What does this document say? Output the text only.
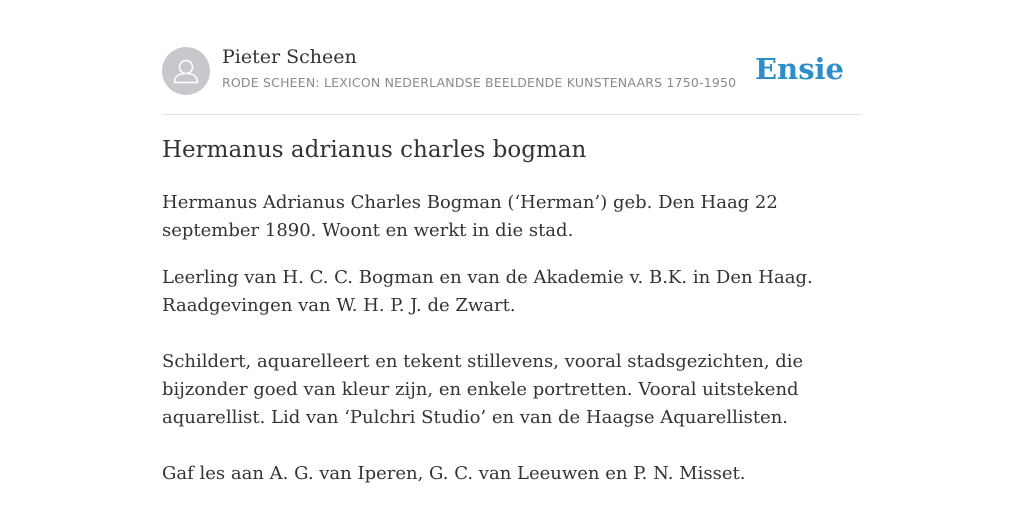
Pieter Scheen
RODE SCHEEN: LEXICON NEDERLANDSE BEELDENDE KUNSTENAARS 1750-1950 Ensie
Hermanus adrianus charles bogman

Hermanus Adrianus Charles Bogman (‘Herman’) geb. Den Haag 22 september 1890. Woont en werkt in die stad.

Leerling van H. C. C. Bogman en van de Akademie v. B.K. in Den Haag. Raadgevingen van W. H. P. J. de Zwart.

Schildert, aquarelleert en tekent stillevens, vooral stadsgezichten, die bijzonder goed van kleur zijn, en enkele portretten. Vooral uitstekend aquarellist. Lid van ‘Pulchri Studio’ en van de Haagse Aquarellisten.

Gaf les aan A. G. van Iperen, G. C. van Leeuwen en P. N. Misset.
